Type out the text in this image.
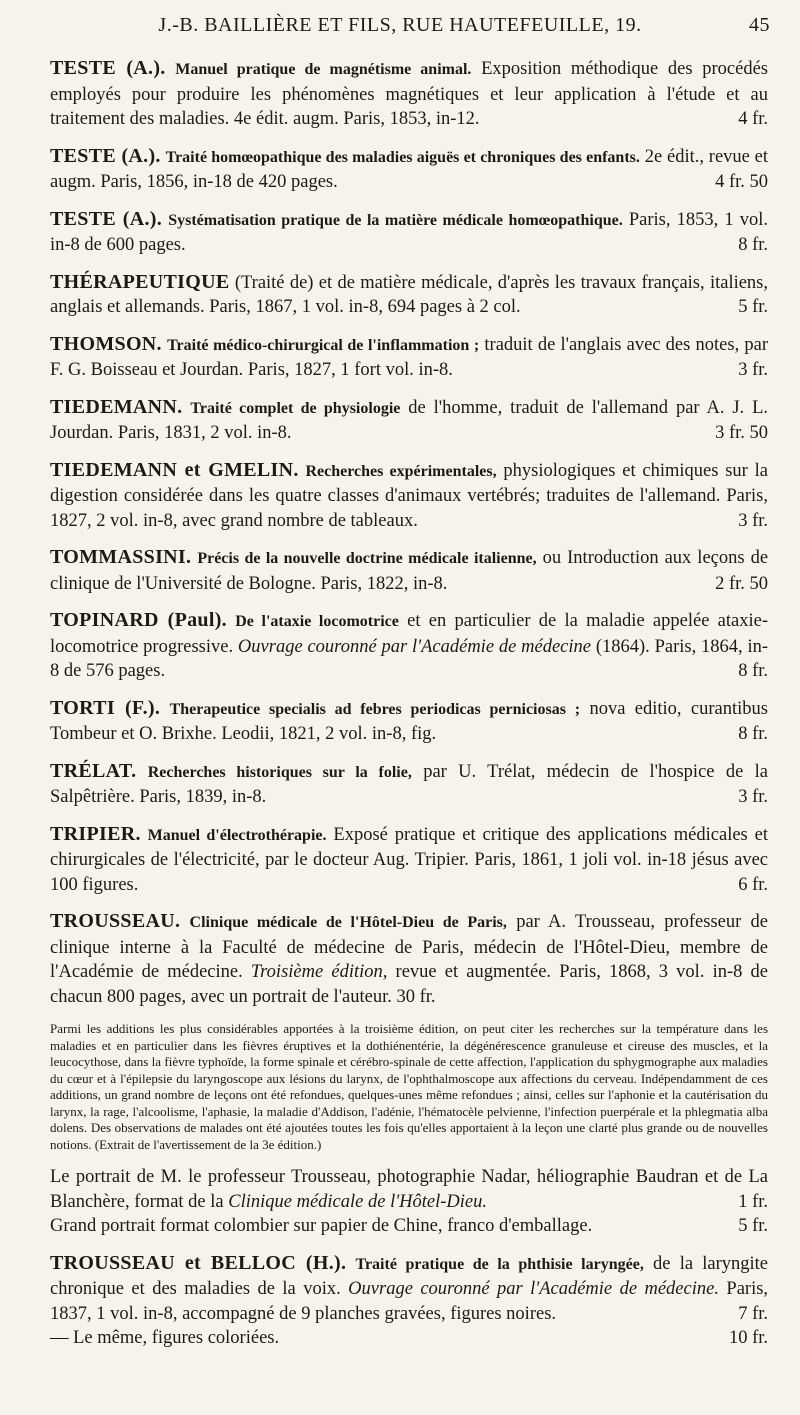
J.-B. BAILLIÈRE ET FILS, RUE HAUTEFEUILLE, 19.	45
TESTE (A.). Manuel pratique de magnétisme animal. Exposition méthodique des procédés employés pour produire les phénomènes magnétiques et leur application à l'étude et au traitement des maladies. 4e édit. augm. Paris, 1853, in-12.	4 fr.
TESTE (A.). Traité homœopathique des maladies aiguës et chroniques des enfants. 2e édit., revue et augm. Paris, 1856, in-18 de 420 pages.	4 fr. 50
TESTE (A.). Systématisation pratique de la matière médicale homœopathique. Paris, 1853, 1 vol. in-8 de 600 pages.	8 fr.
THÉRAPEUTIQUE (Traité de) et de matière médicale, d'après les travaux français, italiens, anglais et allemands. Paris, 1867, 1 vol. in-8, 694 pages à 2 col.	5 fr.
THOMSON. Traité médico-chirurgical de l'inflammation ; traduit de l'anglais avec des notes, par F. G. Boisseau et Jourdan. Paris, 1827, 1 fort vol. in-8.	3 fr.
TIEDEMANN. Traité complet de physiologie de l'homme, traduit de l'allemand par A. J. L. Jourdan. Paris, 1831, 2 vol. in-8.	3 fr. 50
TIEDEMANN et GMELIN. Recherches expérimentales, physiologiques et chimiques sur la digestion considérée dans les quatre classes d'animaux vertébrés; traduites de l'allemand. Paris, 1827, 2 vol. in-8, avec grand nombre de tableaux.	3 fr.
TOMMASSINI. Précis de la nouvelle doctrine médicale italienne, ou Introduction aux leçons de clinique de l'Université de Bologne. Paris, 1822, in-8.	2 fr. 50
TOPINARD (Paul). De l'ataxie locomotrice et en particulier de la maladie appelée ataxie-locomotrice progressive. Ouvrage couronné par l'Académie de médecine (1864). Paris, 1864, in-8 de 576 pages.	8 fr.
TORTI (F.). Therapeutice specialis ad febres periodicas perniciosas ; nova editio, curantibus Tombeur et O. Brixhe. Leodii, 1821, 2 vol. in-8, fig.	8 fr.
TRÉLAT. Recherches historiques sur la folie, par U. Trélat, médecin de l'hospice de la Salpêtrière. Paris, 1839, in-8.	3 fr.
TRIPIER. Manuel d'électrothérapie. Exposé pratique et critique des applications médicales et chirurgicales de l'électricité, par le docteur Aug. Tripier. Paris, 1861, 1 joli vol. in-18 jésus avec 100 figures.	6 fr.
TROUSSEAU. Clinique médicale de l'Hôtel-Dieu de Paris, par A. Trousseau, professeur de clinique interne à la Faculté de médecine de Paris, médecin de l'Hôtel-Dieu, membre de l'Académie de médecine. Troisième édition, revue et augmentée. Paris, 1868, 3 vol. in-8 de chacun 800 pages, avec un portrait de l'auteur. 30 fr.
Parmi les additions les plus considérables apportées à la troisième édition, on peut citer les recherches sur la température dans les maladies et en particulier dans les fièvres éruptives et la dothiénentérie, la dégénérescence granuleuse et cireuse des muscles, et la leucocythose, dans la fièvre typhoïde, la forme spinale et cérébro-spinale de cette affection, l'application du sphygmographe aux maladies du cœur et à l'épilepsie du laryngoscope aux lésions du larynx, de l'ophthalmoscope aux affections du cerveau. Indépendamment de ces additions, un grand nombre de leçons ont été refondues, quelques-unes même refondues ; ainsi, celles sur l'aphonie et la cautérisation du larynx, la rage, l'alcoolisme, l'aphasie, la maladie d'Addison, l'adénie, l'hématocèle pelvienne, l'infection puerpérale et la phlegmatia alba dolens. Des observations de malades ont été ajoutées toutes les fois qu'elles apportaient à la leçon une clarté plus grande ou de nouvelles notions. (Extrait de l'avertissement de la 3e édition.)
Le portrait de M. le professeur Trousseau, photographie Nadar, héliographie Baudran et de La Blanchère, format de la Clinique médicale de l'Hôtel-Dieu.	1 fr.

Grand portrait format colombier sur papier de Chine, franco d'emballage.	5 fr.
TROUSSEAU et BELLOC (H.). Traité pratique de la phthisie laryngée, de la laryngite chronique et des maladies de la voix. Ouvrage couronné par l'Académie de médecine. Paris, 1837, 1 vol. in-8, accompagné de 9 planches gravées, figures noires.	7 fr.

— Le même, figures coloriées.	10 fr.
